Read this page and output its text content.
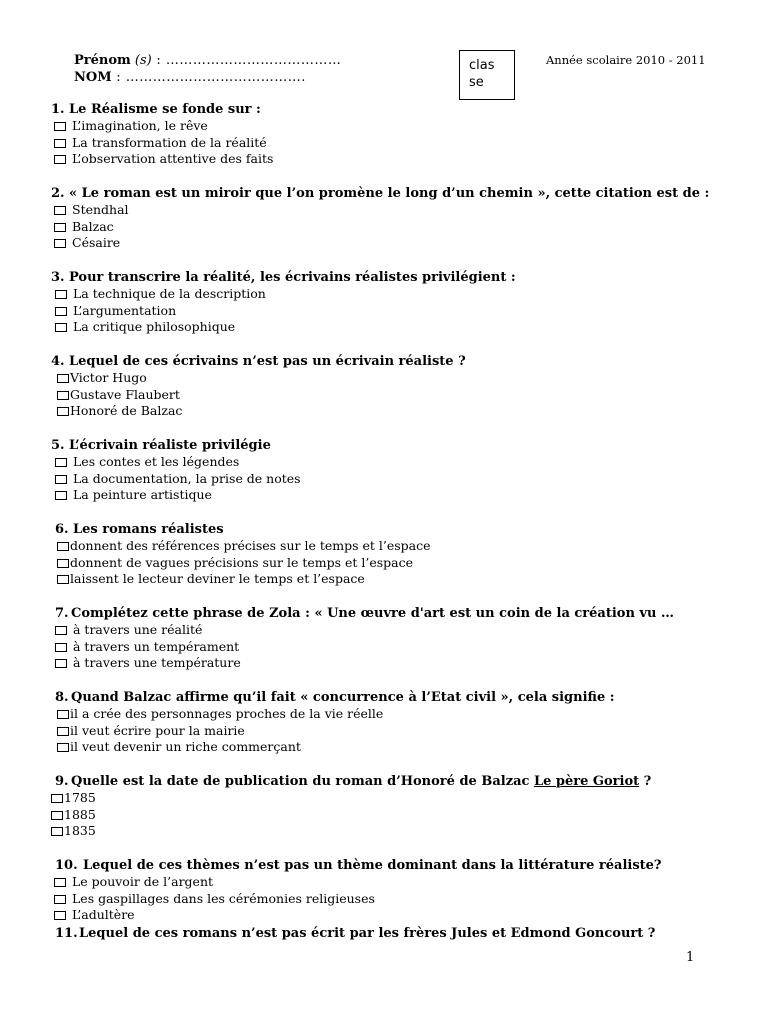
Prénom (s) : …………………………………
NOM : ………………………………….
clas
se
Année scolaire 2010 - 2011
1. Le Réalisme se fonde sur :
L’imagination, le rêve
La transformation de la réalité
L’observation attentive des faits
2. « Le roman est un miroir que l’on promène le long d’un chemin », cette citation est de :
Stendhal
Balzac
Césaire
3. Pour transcrire la réalité, les écrivains réalistes privilégient :
La technique de la description
L’argumentation
La critique philosophique
4. Lequel de ces écrivains n’est pas un écrivain réaliste ?
Victor Hugo
Gustave Flaubert
Honoré de Balzac
5. L’écrivain réaliste privilégie
Les contes et les légendes
La documentation, la prise de notes
La peinture artistique
6. Les romans réalistes
donnent des références précises sur le temps et l’espace
donnent de vagues précisions sur le temps et l’espace
laissent le lecteur deviner le temps et l’espace
7. Complétez cette phrase de Zola : « Une œuvre d'art est un coin de la création vu …
à travers une réalité
à travers un tempérament
à travers une température
8. Quand Balzac affirme qu’il fait « concurrence à l’Etat civil », cela signifie :
il a crée des personnages proches de la vie réelle
il veut écrire pour la mairie
il veut devenir un riche commerçant
9. Quelle est la date de publication du roman d’Honoré de Balzac Le père Goriot ?
1785
1885
1835
10. Lequel de ces thèmes n’est pas un thème dominant dans la littérature réaliste?
Le pouvoir de l’argent
Les gaspillages dans les cérémonies religieuses
L’adultère
11.Lequel de ces romans n’est pas écrit par les frères Jules et Edmond Goncourt ?
1
